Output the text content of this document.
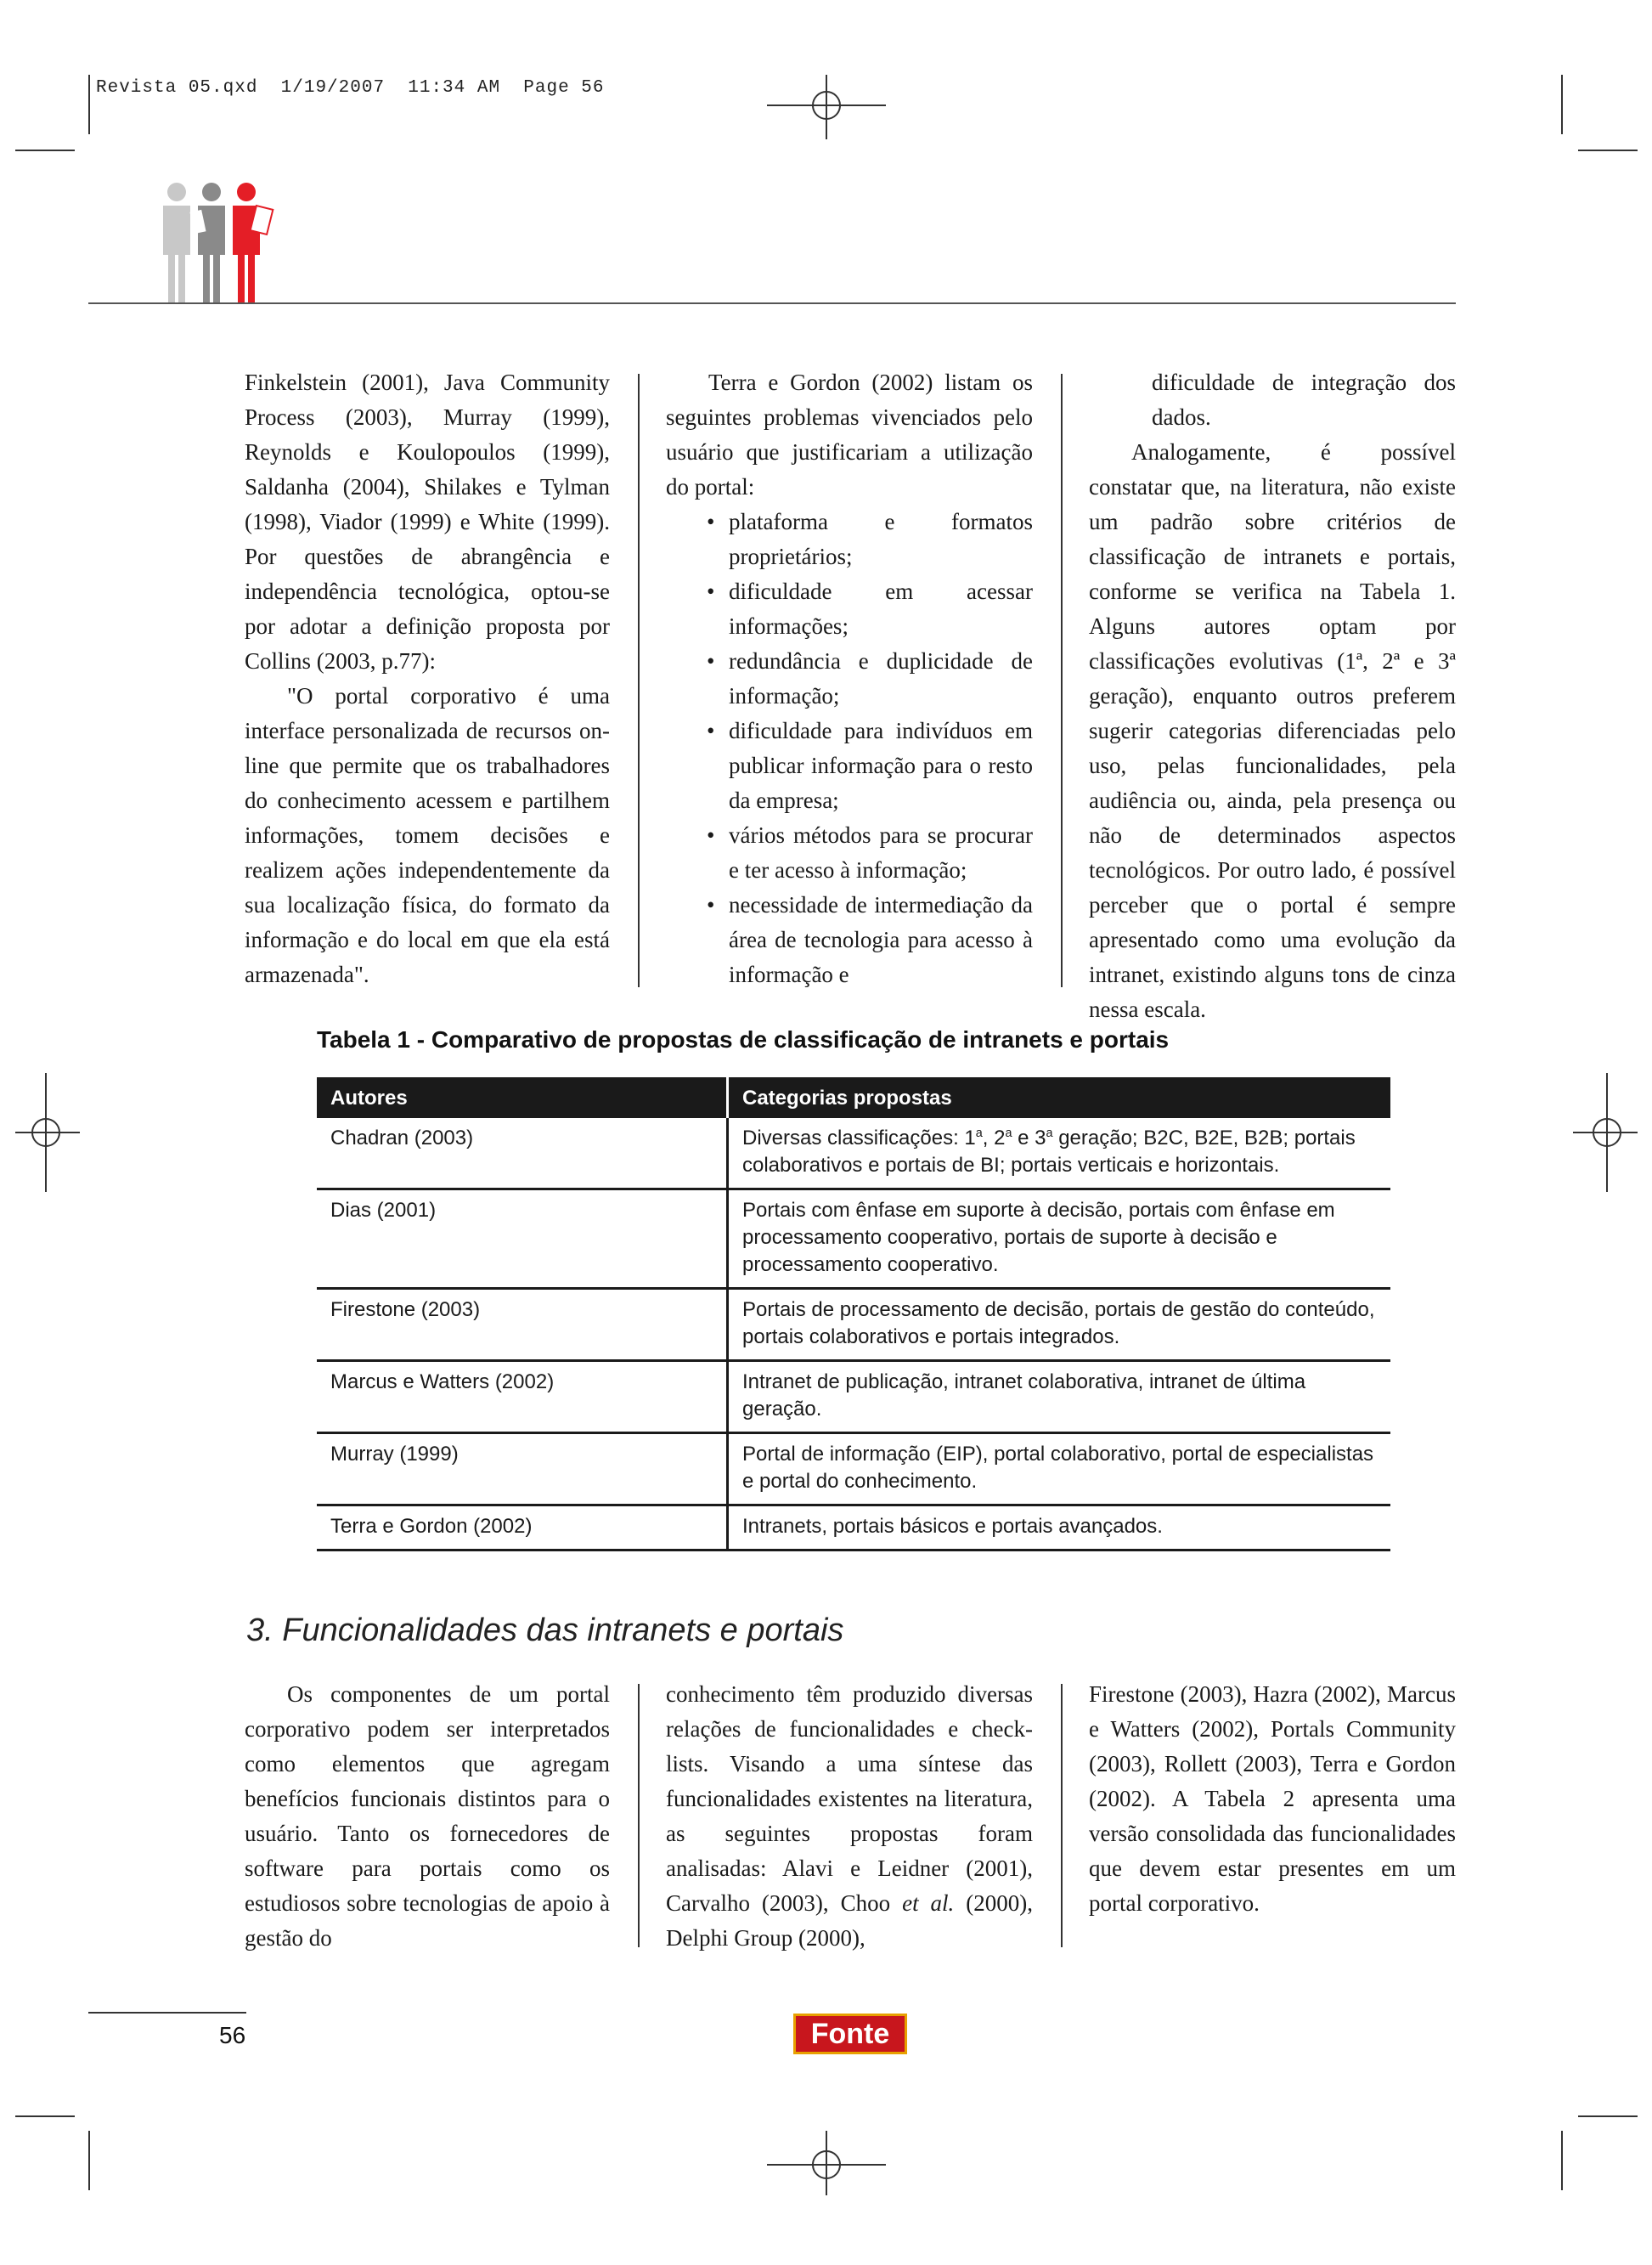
Revista 05.qxd  1/19/2007  11:34 AM  Page 56

Finkelstein (2001), Java Community Process (2003), Murray (1999), Reynolds e Koulopoulos (1999), Saldanha (2004), Shilakes e Tylman (1998), Viador (1999) e White (1999). Por questões de abrangência e independência tecnológica, optou-se por adotar a definição proposta por Collins (2003, p.77):

"O portal corporativo é uma interface personalizada de recursos on-line que permite que os trabalhadores do conhecimento acessem e partilhem informações, tomem decisões e realizem ações independentemente da sua localização física, do formato da informação e do local em que ela está armazenada".

Terra e Gordon (2002) listam os seguintes problemas vivenciados pelo usuário que justificariam a utilização do portal:

• plataforma e formatos proprietários;
• dificuldade em acessar informações;
• redundância e duplicidade de informação;
• dificuldade para indivíduos em publicar informação para o resto da empresa;
• vários métodos para se procurar e ter acesso à informação;
• necessidade de intermediação da área de tecnologia para acesso à informação e

dificuldade de integração dos dados.

Analogamente, é possível constatar que, na literatura, não existe um padrão sobre critérios de classificação de intranets e portais, conforme se verifica na Tabela 1. Alguns autores optam por classificações evolutivas (1ª, 2ª e 3ª geração), enquanto outros preferem sugerir categorias diferenciadas pelo uso, pelas funcionalidades, pela audiência ou, ainda, pela presença ou não de determinados aspectos tecnológicos. Por outro lado, é possível perceber que o portal é sempre apresentado como uma evolução da intranet, existindo alguns tons de cinza nessa escala.

Tabela 1 - Comparativo de propostas de classificação de intranets e portais
Autores	Categorias propostas
Chadran (2003)	Diversas classificações: 1$^a$, 2$^a$ e 3$^a$ geração; B2C, B2E, B2B; portais colaborativos e portais de BI; portais verticais e horizontais.
Dias (2001)	Portais com ênfase em suporte à decisão, portais com ênfase em processamento cooperativo, portais de suporte à decisão e processamento cooperativo.
Firestone (2003)	Portais de processamento de decisão, portais de gestão do conteúdo, portais colaborativos e portais integrados.
Marcus e Watters (2002)	Intranet de publicação, intranet colaborativa, intranet de última geração.
Murray (1999)	Portal de informação (EIP), portal colaborativo, portal de especialistas e portal do conhecimento.
Terra e Gordon (2002)	Intranets, portais básicos e portais avançados.
3. Funcionalidades das intranets e portais

Os componentes de um portal corporativo podem ser interpretados como elementos que agregam benefícios funcionais distintos para o usuário. Tanto os fornecedores de software para portais como os estudiosos sobre tecnologias de apoio à gestão do

conhecimento têm produzido diversas relações de funcionalidades e check-lists. Visando a uma síntese das funcionalidades existentes na literatura, as seguintes propostas foram analisadas: Alavi e Leidner (2001), Carvalho (2003), Choo et al. (2000), Delphi Group (2000),

Firestone (2003), Hazra (2002), Marcus e Watters (2002), Portals Community (2003), Rollett (2003), Terra e Gordon (2002). A Tabela 2 apresenta uma versão consolidada das funcionalidades que devem estar presentes em um portal corporativo.

56	Fonte
